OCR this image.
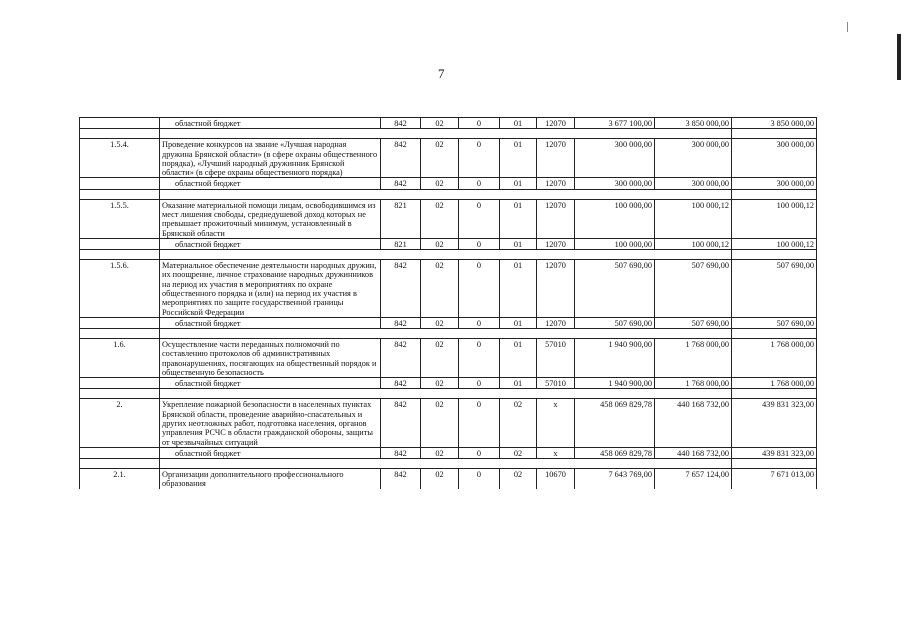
7
	областной бюджет	842	02	0	01	12070	3 677 100,00	3 850 000,00	3 850 000,00

1.5.4.	Проведение конкурсов на звание «Лучшая народная дружина Брянской области» (в сфере охраны общественного порядка), «Лучший народный дружинник Брянской области» (в сфере охраны общественного порядка)	842	02	0	01	12070	300 000,00	300 000,00	300 000,00
	областной бюджет	842	02	0	01	12070	300 000,00	300 000,00	300 000,00

1.5.5.	Оказание материальной помощи лицам, освободившимся из мест лишения свободы, среднедушевой доход которых не превышает прожиточный минимум, установленный в Брянской области	821	02	0	01	12070	100 000,00	100 000,12	100 000,12
	областной бюджет	821	02	0	01	12070	100 000,00	100 000,12	100 000,12

1.5.6.	Материальное обеспечение деятельности народных дружин, их поощрение, личное страхование народных дружинников на период их участия в мероприятиях по охране общественного порядка и (или) на период их участия в мероприятиях по защите государственной границы Российской Федерации	842	02	0	01	12070	507 690,00	507 690,00	507 690,00
	областной бюджет	842	02	0	01	12070	507 690,00	507 690,00	507 690,00

1.6.	Осуществление части переданных полномочий по составлению протоколов об административных правонарушениях, посягающих на общественный порядок и общественную безопасность	842	02	0	01	57010	1 940 900,00	1 768 000,00	1 768 000,00
	областной бюджет	842	02	0	01	57010	1 940 900,00	1 768 000,00	1 768 000,00

2.	Укрепление пожарной безопасности в населенных пунктах Брянской области, проведение аварийно-спасательных и других неотложных работ, подготовка населения, органов управления РСЧС в области гражданской обороны, защиты от чрезвычайных ситуаций	842	02	0	02	x	458 069 829,78	440 168 732,00	439 831 323,00
	областной бюджет	842	02	0	02	x	458 069 829,78	440 168 732,00	439 831 323,00

2.1.	Организации дополнительного профессионального образования	842	02	0	02	10670	7 643 769,00	7 657 124,00	7 671 013,00
